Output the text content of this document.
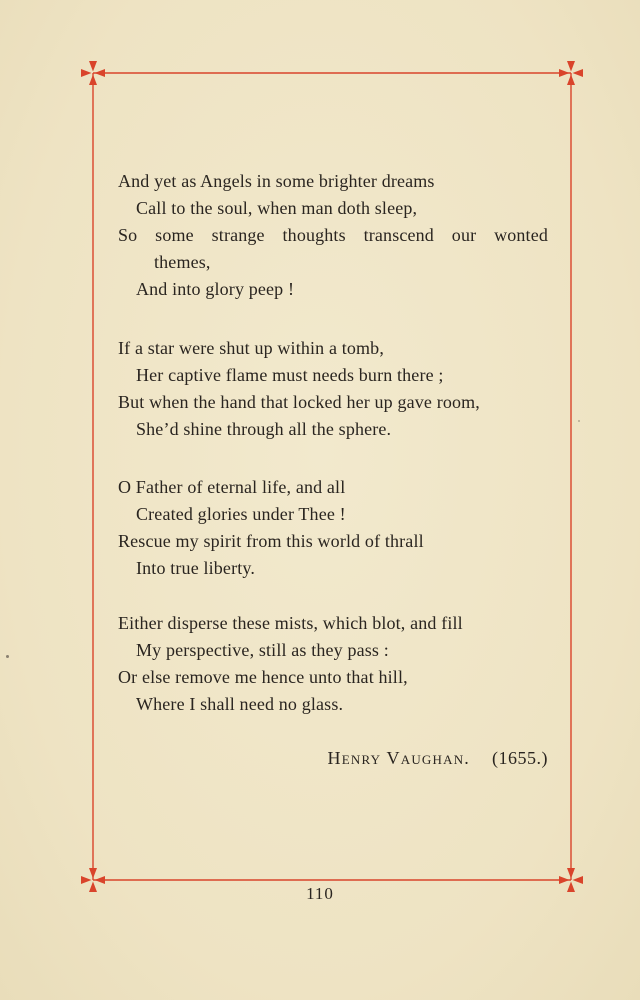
And yet as Angels in some brighter dreams
Call to the soul, when man doth sleep,
So some strange thoughts transcend our wonted
themes,
And into glory peep !
If a star were shut up within a tomb,
Her captive flame must needs burn there ;
But when the hand that locked her up gave room,
She’d shine through all the sphere.
O Father of eternal life, and all
Created glories under Thee !
Rescue my spirit from this world of thrall
Into true liberty.
Either disperse these mists, which blot, and fill
My perspective, still as they pass :
Or else remove me hence unto that hill,
Where I shall need no glass.
Henry Vaughan. (1655.)
110
